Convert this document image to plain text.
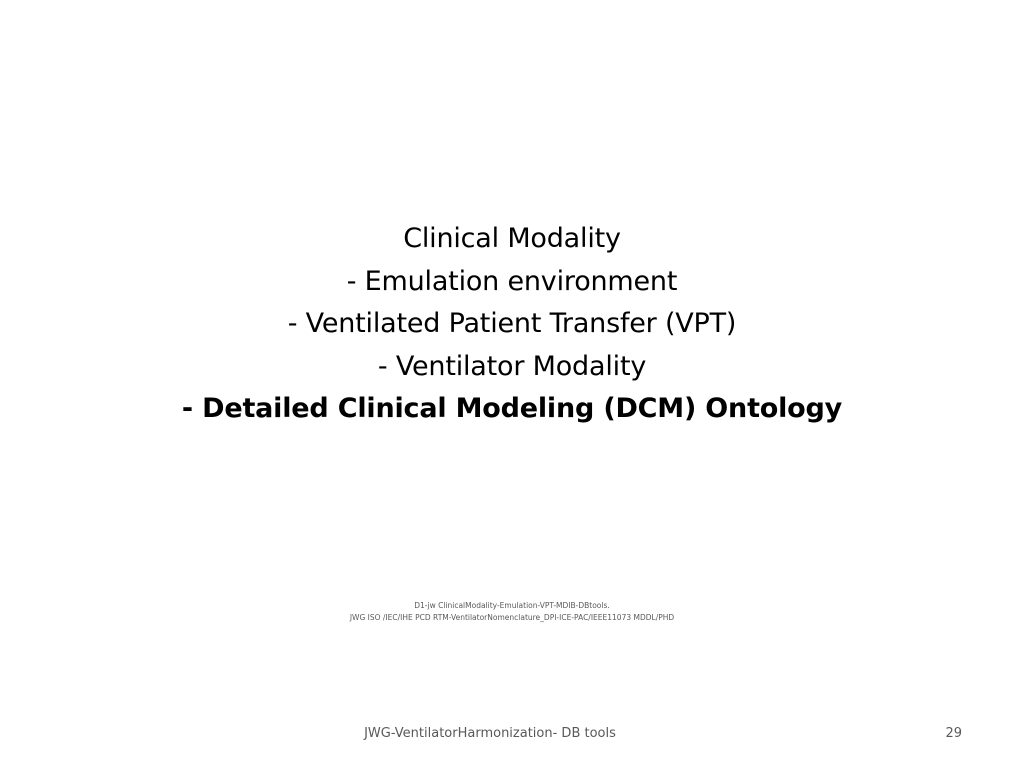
Clinical Modality
- Emulation environment
- Ventilated Patient Transfer (VPT)
- Ventilator Modality
- Detailed Clinical Modeling (DCM) Ontology
D1-jw ClinicalModality-Emulation-VPT-MDIB-DBtools.
JWG ISO /IEC/IHE PCD RTM-VentilatorNomenclature_DPI-ICE-PAC/IEEE11073 MDDL/PHD
JWG-VentilatorHarmonization- DB tools	29
